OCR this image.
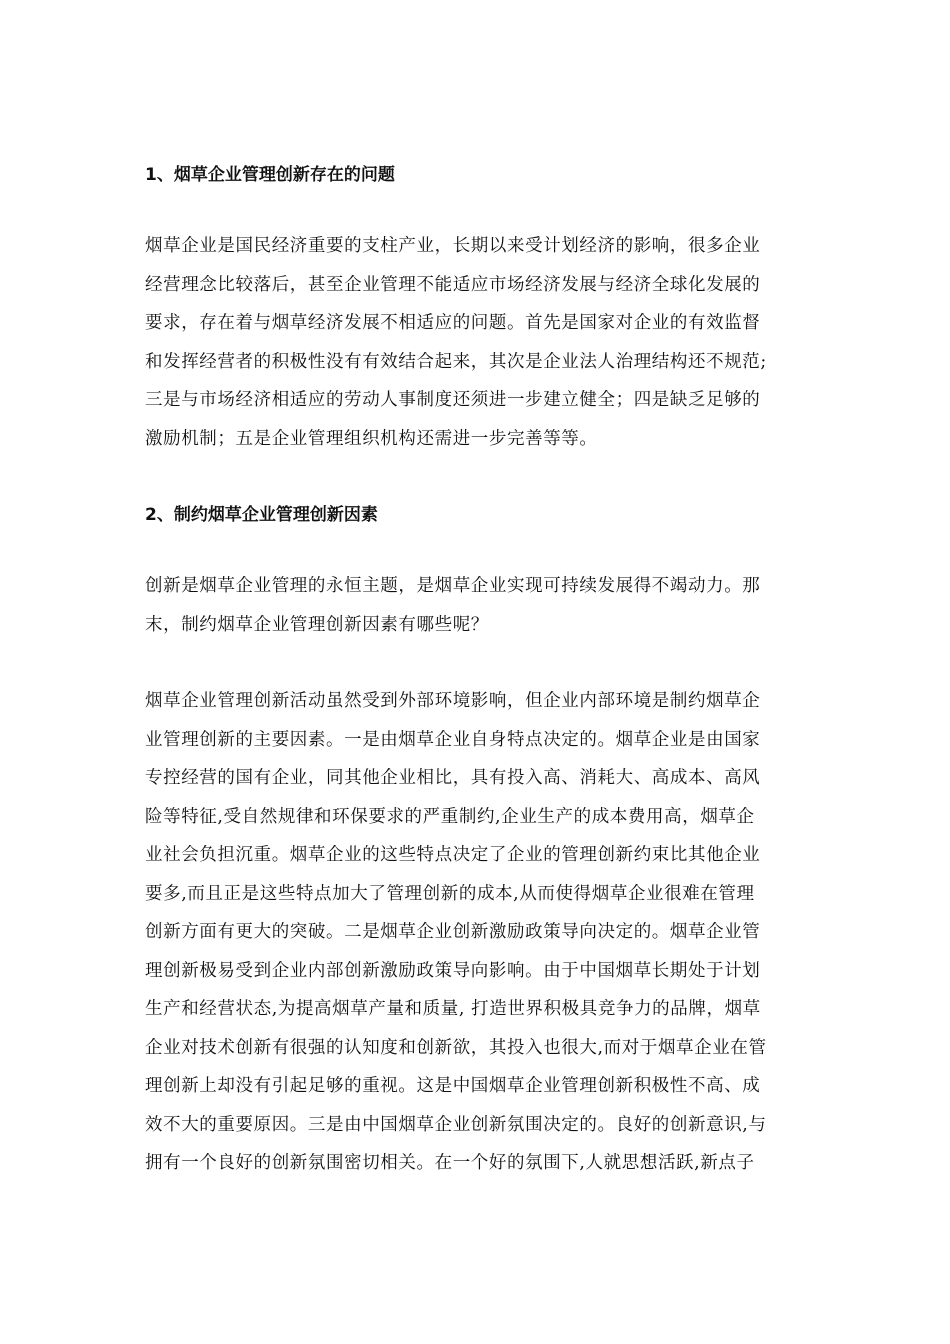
1、烟草企业管理创新存在的问题

烟草企业是国民经济重要的支柱产业，长期以来受计划经济的影响，很多企业
经营理念比较落后，甚至企业管理不能适应市场经济发展与经济全球化发展的
要求，存在着与烟草经济发展不相适应的问题。首先是国家对企业的有效监督
和发挥经营者的积极性没有有效结合起来，其次是企业法人治理结构还不规范;
三是与市场经济相适应的劳动人事制度还须进一步建立健全；四是缺乏足够的
激励机制；五是企业管理组织机构还需进一步完善等等。

2、制约烟草企业管理创新因素

创新是烟草企业管理的永恒主题，是烟草企业实现可持续发展得不竭动力。那
末，制约烟草企业管理创新因素有哪些呢？

烟草企业管理创新活动虽然受到外部环境影响，但企业内部环境是制约烟草企
业管理创新的主要因素。一是由烟草企业自身特点决定的。烟草企业是由国家
专控经营的国有企业，同其他企业相比，具有投入高、消耗大、高成本、高风
险等特征,受自然规律和环保要求的严重制约,企业生产的成本费用高，烟草企
业社会负担沉重。烟草企业的这些特点决定了企业的管理创新约束比其他企业
要多,而且正是这些特点加大了管理创新的成本,从而使得烟草企业很难在管理
创新方面有更大的突破。二是烟草企业创新激励政策导向决定的。烟草企业管
理创新极易受到企业内部创新激励政策导向影响。由于中国烟草长期处于计划
生产和经营状态,为提高烟草产量和质量, 打造世界积极具竞争力的品牌，烟草
企业对技术创新有很强的认知度和创新欲，其投入也很大,而对于烟草企业在管
理创新上却没有引起足够的重视。这是中国烟草企业管理创新积极性不高、成
效不大的重要原因。三是由中国烟草企业创新氛围决定的。良好的创新意识,与
拥有一个良好的创新氛围密切相关。在一个好的氛围下,人就思想活跃,新点子
